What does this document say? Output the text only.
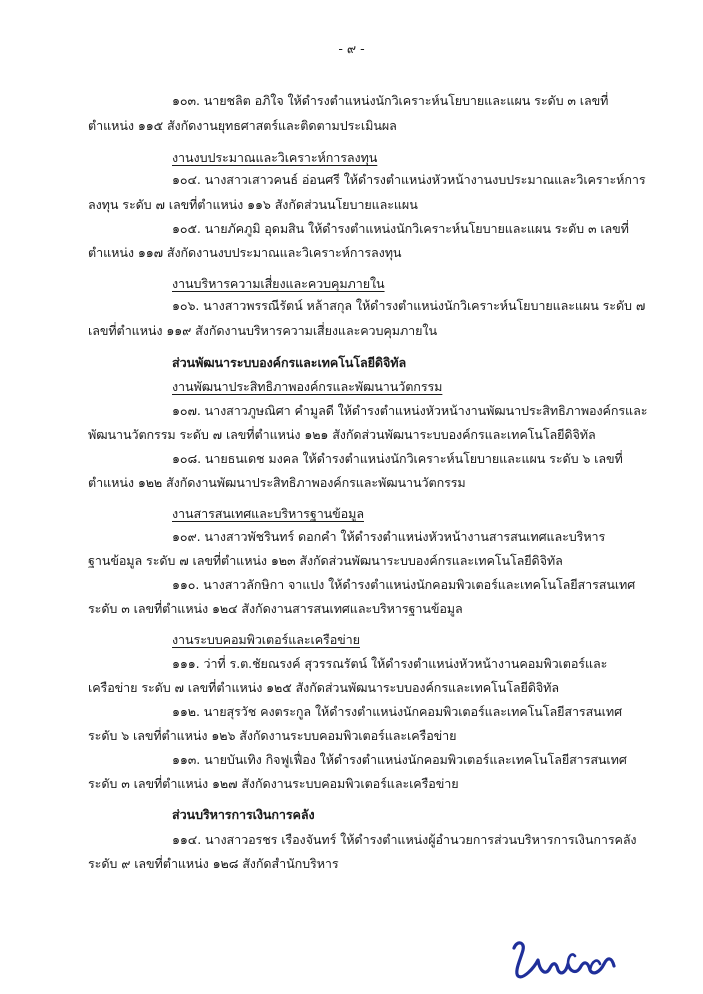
- ๙ -
๑๐๓. นายชลิต อภิใจ ให้ดำรงตำแหน่งนักวิเคราะห์นโยบายและแผน ระดับ ๓ เลขที่
ตำแหน่ง ๑๑๕ สังกัดงานยุทธศาสตร์และติดตามประเมินผล
งานงบประมาณและวิเคราะห์การลงทุน
๑๐๔. นางสาวเสาวคนธ์ อ่อนศรี ให้ดำรงตำแหน่งหัวหน้างานงบประมาณและวิเคราะห์การ
ลงทุน ระดับ ๗ เลขที่ตำแหน่ง ๑๑๖ สังกัดส่วนนโยบายและแผน
๑๐๕. นายภัคภูมิ อุดมสิน ให้ดำรงตำแหน่งนักวิเคราะห์นโยบายและแผน ระดับ ๓ เลขที่
ตำแหน่ง ๑๑๗ สังกัดงานงบประมาณและวิเคราะห์การลงทุน
งานบริหารความเสี่ยงและควบคุมภายใน
๑๐๖. นางสาวพรรณีรัตน์ หล้าสกุล ให้ดำรงตำแหน่งนักวิเคราะห์นโยบายและแผน ระดับ ๗
เลขที่ตำแหน่ง ๑๑๙ สังกัดงานบริหารความเสี่ยงและควบคุมภายใน
ส่วนพัฒนาระบบองค์กรและเทคโนโลยีดิจิทัล
งานพัฒนาประสิทธิภาพองค์กรและพัฒนานวัตกรรม
๑๐๗. นางสาวภูษณิศา คำมูลดี ให้ดำรงตำแหน่งหัวหน้างานพัฒนาประสิทธิภาพองค์กรและ
พัฒนานวัตกรรม ระดับ ๗ เลขที่ตำแหน่ง ๑๒๑ สังกัดส่วนพัฒนาระบบองค์กรและเทคโนโลยีดิจิทัล
๑๐๘. นายธนเดช มงคล ให้ดำรงตำแหน่งนักวิเคราะห์นโยบายและแผน ระดับ ๖ เลขที่
ตำแหน่ง ๑๒๒ สังกัดงานพัฒนาประสิทธิภาพองค์กรและพัฒนานวัตกรรม
งานสารสนเทศและบริหารฐานข้อมูล
๑๐๙. นางสาวพัชรินทร์ ดอกคำ ให้ดำรงตำแหน่งหัวหน้างานสารสนเทศและบริหาร
ฐานข้อมูล ระดับ ๗ เลขที่ตำแหน่ง ๑๒๓ สังกัดส่วนพัฒนาระบบองค์กรและเทคโนโลยีดิจิทัล
๑๑๐. นางสาวลักษิกา จาแปง ให้ดำรงตำแหน่งนักคอมพิวเตอร์และเทคโนโลยีสารสนเทศ
ระดับ ๓ เลขที่ตำแหน่ง ๑๒๔ สังกัดงานสารสนเทศและบริหารฐานข้อมูล
งานระบบคอมพิวเตอร์และเครือข่าย
๑๑๑. ว่าที่ ร.ต.ชัยณรงค์ สุวรรณรัตน์ ให้ดำรงตำแหน่งหัวหน้างานคอมพิวเตอร์และ
เครือข่าย ระดับ ๗ เลขที่ตำแหน่ง ๑๒๕ สังกัดส่วนพัฒนาระบบองค์กรและเทคโนโลยีดิจิทัล
๑๑๒. นายสุรวัช คงตระกูล ให้ดำรงตำแหน่งนักคอมพิวเตอร์และเทคโนโลยีสารสนเทศ
ระดับ ๖ เลขที่ตำแหน่ง ๑๒๖ สังกัดงานระบบคอมพิวเตอร์และเครือข่าย
๑๑๓. นายบันเทิง กิจฟูเฟื่อง ให้ดำรงตำแหน่งนักคอมพิวเตอร์และเทคโนโลยีสารสนเทศ
ระดับ ๓ เลขที่ตำแหน่ง ๑๒๗ สังกัดงานระบบคอมพิวเตอร์และเครือข่าย
ส่วนบริหารการเงินการคลัง
๑๑๔. นางสาวอรชร เรืองจันทร์ ให้ดำรงตำแหน่งผู้อำนวยการส่วนบริหารการเงินการคลัง
ระดับ ๙ เลขที่ตำแหน่ง ๑๒๘ สังกัดสำนักบริหาร
